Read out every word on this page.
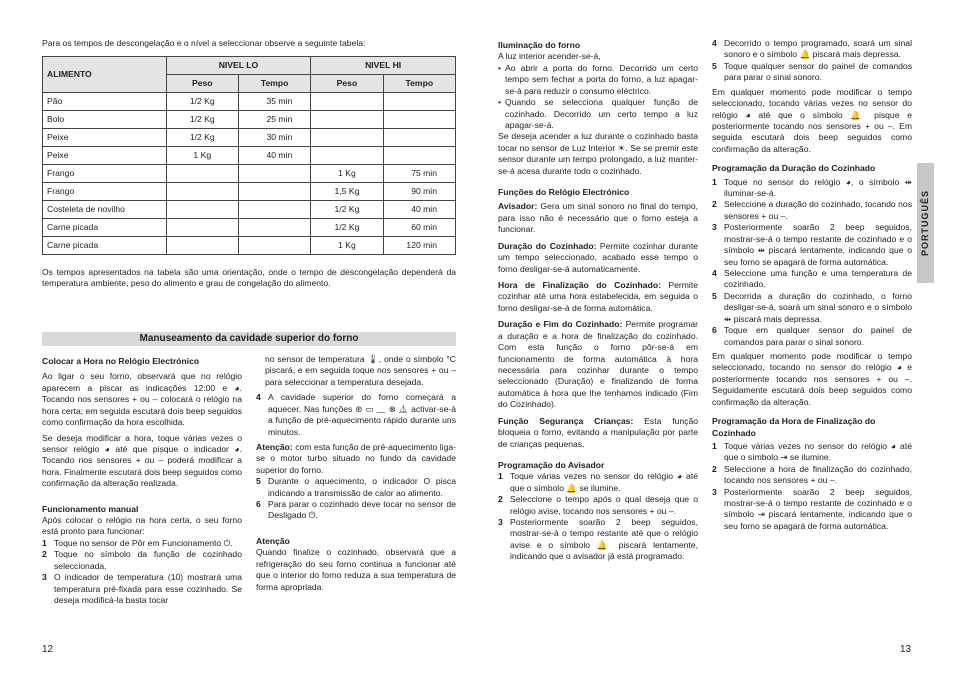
Para os tempos de descongelação e o nível a seleccionar observe a seguinte tabela:

ALIMENTO	NIVEL LO		NIVEL HI	
	Peso	Tempo	Peso	Tempo
Pão	1/2 Kg	35 min		
Bolo	1/2 Kg	25 min		
Peixe	1/2 Kg	30 min		
Peixe	1 Kg	40 min		
Frango			1 Kg	75 min
Frango			1,5 Kg	90 min
Costeleta de novilho			1/2 Kg	40 min
Carne picada			1/2 Kg	60 min
Carne picada			1 Kg	120 min

Os tempos apresentados na tabela são uma orientação, onde o tempo de descongelação dependerá da temperatura ambiente, peso do alimento e grau de congelação do alimento.

Manuseamento da cavidade superior do forno

Colocar a Hora no Relógio Electrónico

Ao ligar o seu forno, observará que no relógio aparecem a piscar as indicações 12:00 e ◕. Tocando nos sensores + ou – colocará o relógio na hora certa; em seguida escutará dois beep seguidos como confirmação da hora escolhida.

Se deseja modificar a hora, toque várias vezes o sensor relógio ◕ até que pisque o indicador ◕. Tocando nos sensores + ou – poderá modificar a hora. Finalmente escutará dois beep seguidos como confirmação da alteração realizada.

Funcionamento manual

Após colocar o relógio na hora certa, o seu forno está pronto para funcionar:

1 Toque no sensor de Pôr em Funcionamento ⏻.
2 Toque no símbolo da função de cozinhado seleccionada.
3 O indicador de temperatura (10) mostrará uma temperatura pré-fixada para esse cozinhado. Se deseja modificá-la basta tocar

no sensor de temperatura 🌡, onde o símbolo °C piscará, e em seguida toque nos sensores + ou – para seleccionar a temperatura desejada.

4 A cavidade superior do forno começará a aquecer. Nas funções ⊛ ▭ ﹏ ⊗ ⏅ activar-se-á a função de pré-aquecimento rápido durante uns minutos.

Atenção: com esta função de pré-aquecimento liga-se o motor turbo situado no fundo da cavidade superior do forno.

5 Durante o aquecimento, o indicador O pisca indicando a transmissão de calor ao alimento.
6 Para parar o cozinhado deve tocar no sensor de Desligado ⏻.

Atenção

Quando finalize o cozinhado, observará que a refrigeração do seu forno continua a funcionar até que o interior do forno reduza a sua temperatura de forma apropriada.

12

Iluminação do forno

A luz interior acender-se-á,

• Ao abrir a porta do forno. Decorrido um certo tempo sem fechar a porta do forno, a luz apagar-se-á para reduzir o consumo eléctrico.
• Quando se selecciona qualquer função de cozinhado. Decorrido um certo tempo a luz apagar-se-á.

Se deseja acender a luz durante o cozinhado basta tocar no sensor de Luz Interior ☀. Se se premir este sensor durante um tempo prolongado, a luz manter-se-á acesa durante todo o cozinhado.

Funções do Relógio Electrónico

Avisador: Gera um sinal sonoro no final do tempo, para isso não é necessário que o forno esteja a funcionar.

Duração do Cozinhado: Permite cozinhar durante um tempo seleccionado, acabado esse tempo o forno desligar-se-á automaticamente.

Hora de Finalização do Cozinhado: Permite cozinhar até uma hora estabelecida, em seguida o forno desligar-se-á de forma automática.

Duração e Fim do Cozinhado: Permite programar a duração e a hora de finalização do cozinhado. Com esta função o forno pôr-se-á em funcionamento de forma automática à hora necessária para cozinhar durante o tempo seleccionado (Duração) e finalizando de forma automática à hora que lhe tenhamos indicado (Fim do Cozinhado).

Função Segurança Crianças: Esta função bloqueia o forno, evitando a manipulação por parte de crianças pequenas.

Programação do Avisador

1 Toque várias vezes no sensor do relógio ◕ até que o símbolo 🔔 se ilumine.
2 Seleccione o tempo após o qual deseja que o relógio avise, tocando nos sensores + ou –.
3 Posteriormente soarão 2 beep seguidos, mostrar-se-á o tempo restante até que o relógio avise e o símbolo 🔔 piscará lentamente, indicando que o avisador já está programado.
4 Decorrido o tempo programado, soará um sinal sonoro e o símbolo 🔔 piscará mais depressa.
5 Toque qualquer sensor do painel de comandos para parar o sinal sonoro.

Em qualquer momento pode modificar o tempo seleccionado, tocando várias vezes no sensor do relógio ◕ até que o símbolo 🔔 pisque e posteriormente tocando nos sensores + ou –. Em seguida escutará dois beep seguidos como confirmação da alteração.

Programação da Duração do Cozinhado

1 Toque no sensor do relógio ◕, o símbolo ⇹ iluminar-se-á.
2 Seleccione a duração do cozinhado, tocando nos sensores + ou –.
3 Posteriormente soarão 2 beep seguidos, mostrar-se-á o tempo restante de cozinhado e o símbolo ⇹ piscará lentamente, indicando que o seu forno se apagará de forma automática.
4 Seleccione uma função e uma temperatura de cozinhado.
5 Decorrida a duração do cozinhado, o forno desligar-se-á, soará um sinal sonoro e o símbolo ⇹ piscará mais depressa.
6 Toque em qualquer sensor do painel de comandos para parar o sinal sonoro.

Em qualquer momento pode modificar o tempo seleccionado, tocando no sensor do relógio ◕ e posteriormente tocando nos sensores + ou –. Seguidamente escutará dois beep seguidos como confirmação da alteração.

Programação da Hora de Finalização do Cozinhado

1 Toque várias vezes no sensor do relógio ◕ até que o símbolo ⇥ se ilumine.
2 Seleccione a hora de finalização do cozinhado, tocando nos sensores + ou –.
3 Posteriormente soarão 2 beep seguidos, mostrar-se-á o tempo restante de cozinhado e o símbolo ⇥ piscará lentamente, indicando que o seu forno se apagará de forma automática.
PORTUGUÊS
13
